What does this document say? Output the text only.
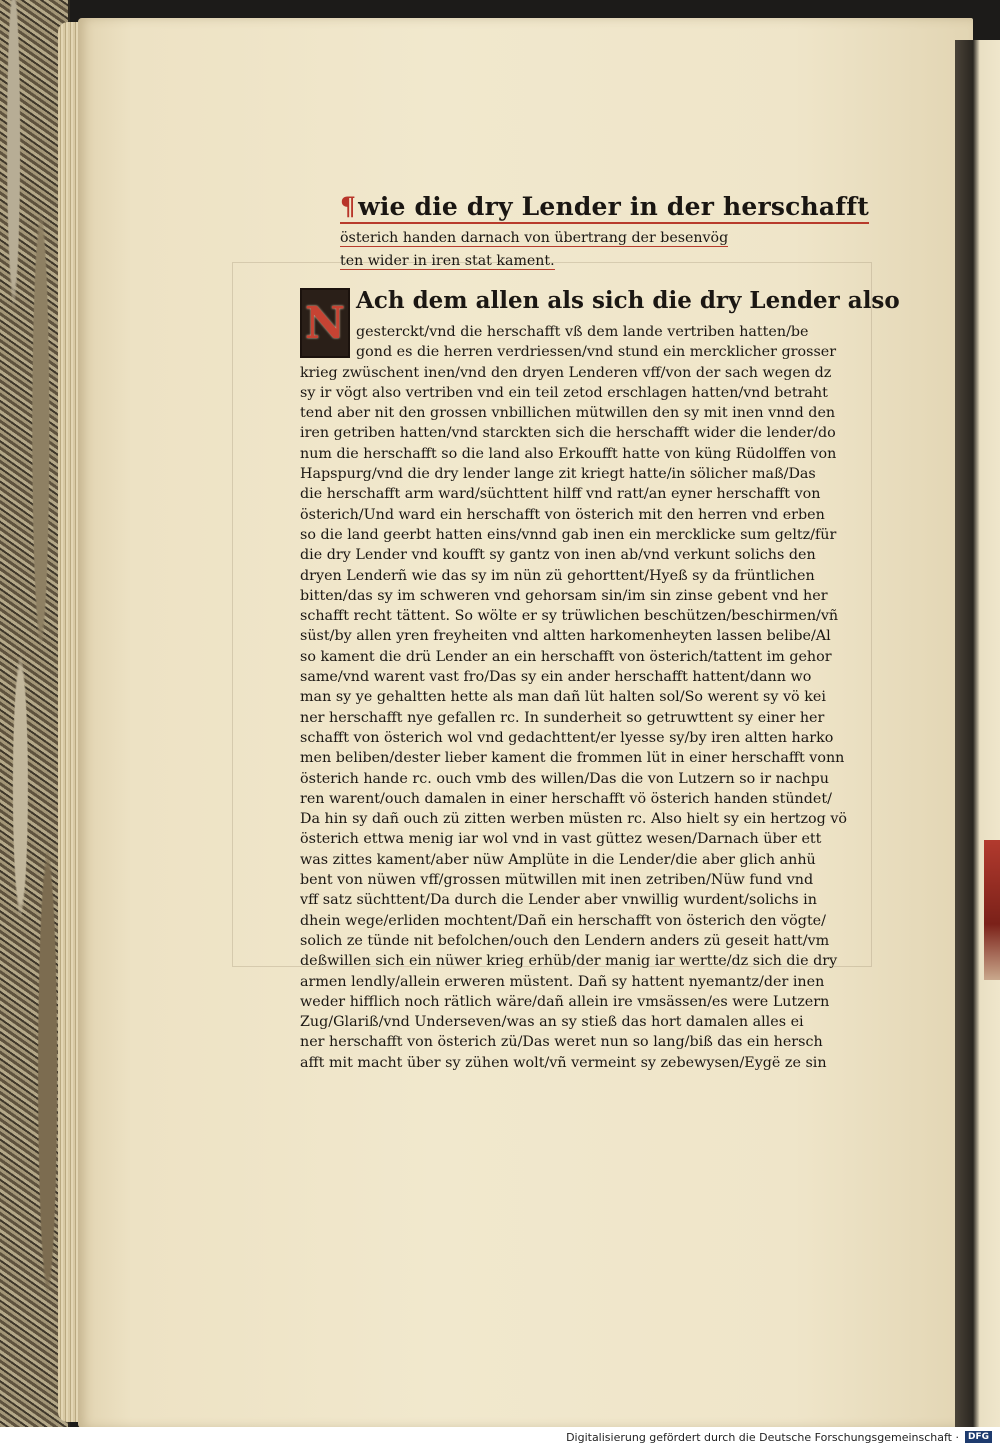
¶wie die dry Lender in der herschafft
österich handen darnach von übertrang der besenvög
ten wider in iren stat kament.
N Ach dem allen als sich die dry Lender also
gesterckt/vnd die herschafft vß dem lande vertriben hatten/be
gond es die herren verdriessen/vnd stund ein mercklicher grosser
krieg zwüschent inen/vnd den dryen Lenderen vff/von der sach wegen dz
sy ir vögt also vertriben vnd ein teil zetod erschlagen hatten/vnd betraht
tend aber nit den grossen vnbillichen mütwillen den sy mit inen vnnd den
iren getriben hatten/vnd starckten sich die herschafft wider die lender/do
num die herschafft so die land also Erkoufft hatte von küng Rüdolffen von
Hapspurg/vnd die dry lender lange zit kriegt hatte/in sölicher maß/Das
die herschafft arm ward/süchttent hilff vnd ratt/an eyner herschafft von
österich/Und ward ein herschafft von österich mit den herren vnd erben
so die land geerbt hatten eins/vnnd gab inen ein mercklicke sum geltz/für
die dry Lender vnd koufft sy gantz von inen ab/vnd verkunt solichs den
dryen Lenderñ wie das sy im nün zü gehorttent/Hyeß sy da früntlichen
bitten/das sy im schweren vnd gehorsam sin/im sin zinse gebent vnd her
schafft recht tättent. So wölte er sy trüwlichen beschützen/beschirmen/vñ
süst/by allen yren freyheiten vnd altten harkomenheyten lassen belibe/Al
so kament die drü Lender an ein herschafft von österich/tattent im gehor
same/vnd warent vast fro/Das sy ein ander herschafft hattent/dann wo
man sy ye gehaltten hette als man dañ lüt halten sol/So werent sy vö kei
ner herschafft nye gefallen rc. In sunderheit so getruwttent sy einer her
schafft von österich wol vnd gedachttent/er lyesse sy/by iren altten harko
men beliben/dester lieber kament die frommen lüt in einer herschafft vonn
österich hande rc. ouch vmb des willen/Das die von Lutzern so ir nachpu
ren warent/ouch damalen in einer herschafft vö österich handen stündet/
Da hin sy dañ ouch zü zitten werben müsten rc. Also hielt sy ein hertzog vö
österich ettwa menig iar wol vnd in vast güttez wesen/Darnach über ett
was zittes kament/aber nüw Amplüte in die Lender/die aber glich anhü
bent von nüwen vff/grossen mütwillen mit inen zetriben/Nüw fund vnd
vff satz süchttent/Da durch die Lender aber vnwillig wurdent/solichs in
dhein wege/erliden mochtent/Dañ ein herschafft von österich den vögte/
solich ze tünde nit befolchen/ouch den Lendern anders zü geseit hatt/vm
deßwillen sich ein nüwer krieg erhüb/der manig iar wertte/dz sich die dry
armen lendly/allein erweren müstent. Dañ sy hattent nyemantz/der inen
weder hifflich noch rätlich wäre/dañ allein ire vmsässen/es were Lutzern
Zug/Glariß/vnd Underseven/was an sy stieß das hort damalen alles ei
ner herschafft von österich zü/Das weret nun so lang/biß das ein hersch
afft mit macht über sy zühen wolt/vñ vermeint sy zebewysen/Eygë ze sin
Digitalisierung gefördert durch die Deutsche Forschungsgemeinschaft ·	DFG
